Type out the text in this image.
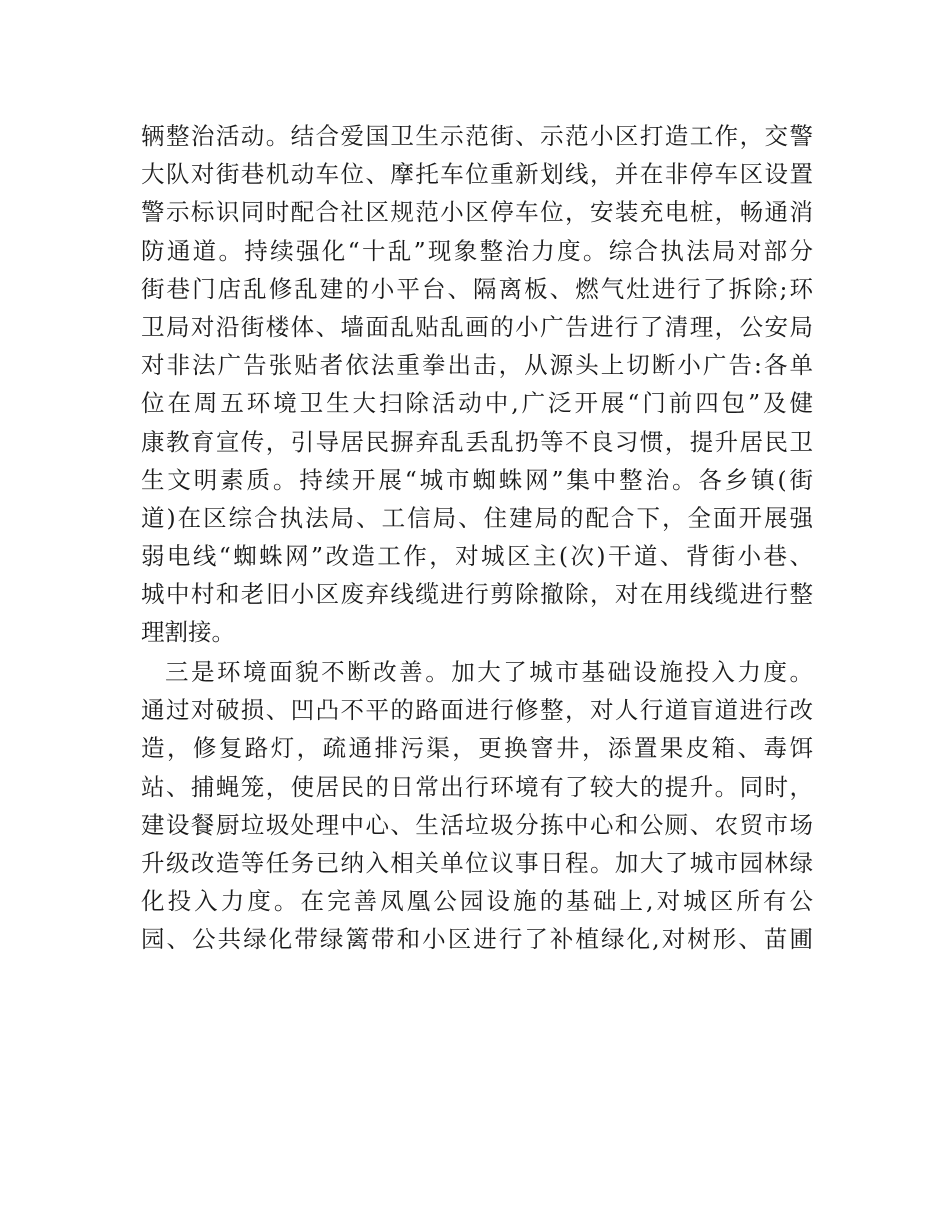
辆整治活动。结合爱国卫生示范街、示范小区打造工作，交警
大队对街巷机动车位、摩托车位重新划线，并在非停车区设置
警示标识同时配合社区规范小区停车位，安装充电桩，畅通消
防通道。持续强化“十乱”现象整治力度。综合执法局对部分
街巷门店乱修乱建的小平台、隔离板、燃气灶进行了拆除;环
卫局对沿街楼体、墙面乱贴乱画的小广告进行了清理，公安局
对非法广告张贴者依法重拳出击，从源头上切断小广告:各单
位在周五环境卫生大扫除活动中,广泛开展“门前四包”及健
康教育宣传，引导居民摒弃乱丢乱扔等不良习惯，提升居民卫
生文明素质。持续开展“城市蜘蛛网”集中整治。各乡镇(街
道)在区综合执法局、工信局、住建局的配合下，全面开展强
弱电线“蜘蛛网”改造工作，对城区主(次)干道、背街小巷、
城中村和老旧小区废弃线缆进行剪除撤除，对在用线缆进行整
理割接。
三是环境面貌不断改善。加大了城市基础设施投入力度。
通过对破损、凹凸不平的路面进行修整，对人行道盲道进行改
造，修复路灯，疏通排污渠，更换窨井，添置果皮箱、毒饵
站、捕蝇笼，使居民的日常出行环境有了较大的提升。同时，
建设餐厨垃圾处理中心、生活垃圾分拣中心和公厕、农贸市场
升级改造等任务已纳入相关单位议事日程。加大了城市园林绿
化投入力度。在完善凤凰公园设施的基础上,对城区所有公
园、公共绿化带绿篱带和小区进行了补植绿化,对树形、苗圃
